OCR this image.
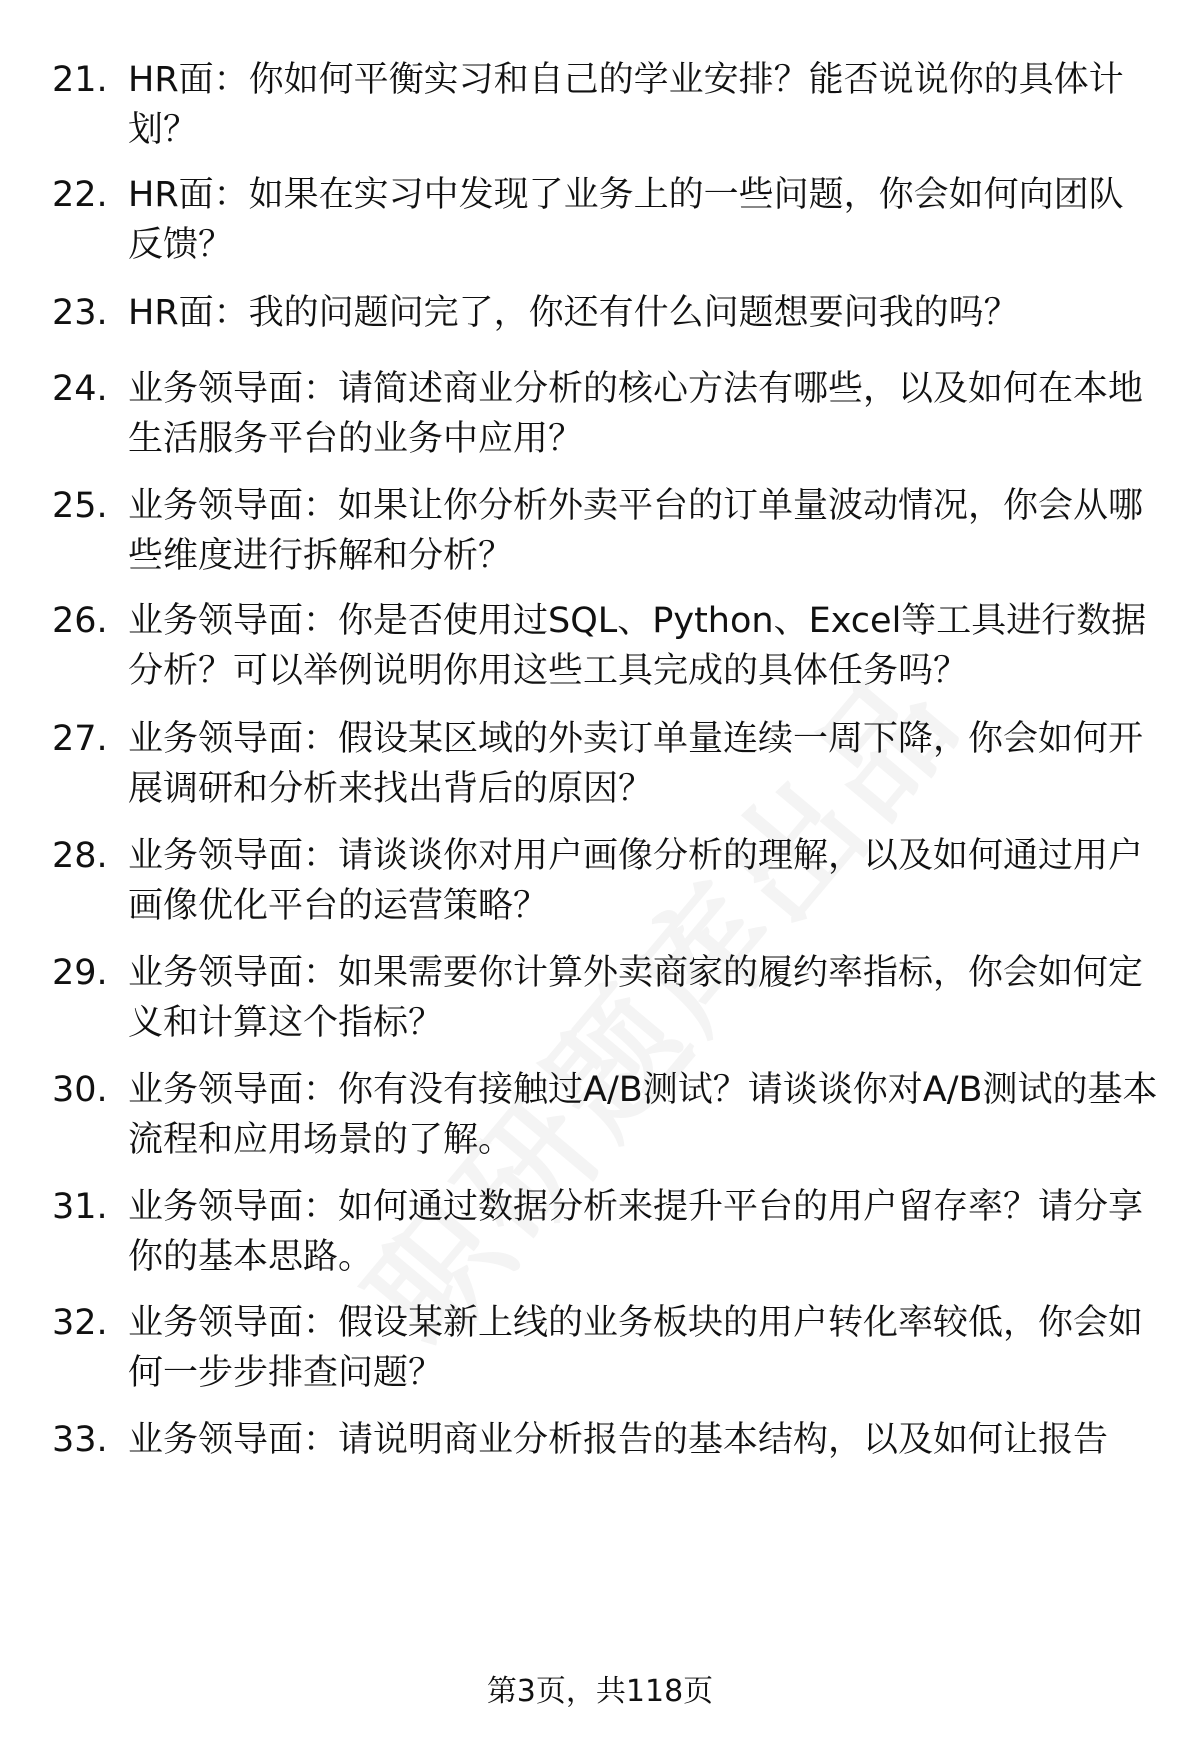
21. HR面：你如何平衡实习和自己的学业安排？能否说说你的具体计划？
22. HR面：如果在实习中发现了业务上的一些问题，你会如何向团队反馈？
23. HR面：我的问题问完了，你还有什么问题想要问我的吗？
24. 业务领导面：请简述商业分析的核心方法有哪些，以及如何在本地生活服务平台的业务中应用？
25. 业务领导面：如果让你分析外卖平台的订单量波动情况，你会从哪些维度进行拆解和分析？
26. 业务领导面：你是否使用过SQL、Python、Excel等工具进行数据分析？可以举例说明你用这些工具完成的具体任务吗？
27. 业务领导面：假设某区域的外卖订单量连续一周下降，你会如何开展调研和分析来找出背后的原因？
28. 业务领导面：请谈谈你对用户画像分析的理解，以及如何通过用户画像优化平台的运营策略？
29. 业务领导面：如果需要你计算外卖商家的履约率指标，你会如何定义和计算这个指标？
30. 业务领导面：你有没有接触过A/B测试？请谈谈你对A/B测试的基本流程和应用场景的了解。
31. 业务领导面：如何通过数据分析来提升平台的用户留存率？请分享你的基本思路。
32. 业务领导面：假设某新上线的业务板块的用户转化率较低，你会如何一步步排查问题？
33. 业务领导面：请说明商业分析报告的基本结构，以及如何让报告
第3页，共118页
